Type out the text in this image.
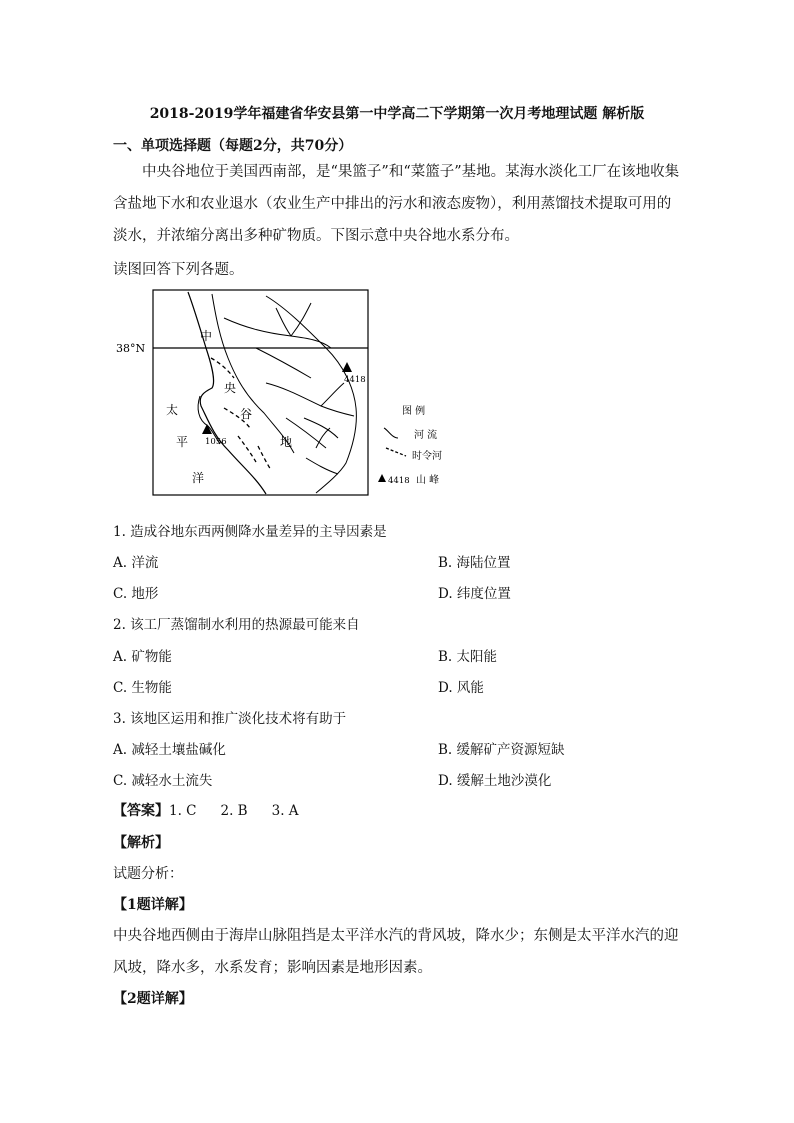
2018-2019学年福建省华安县第一中学高二下学期第一次月考地理试题 解析版
一、单项选择题（每题2分，共70分）
中央谷地位于美国西南部，是“果篮子”和“菜篮子”基地。某海水淡化工厂在该地收集含盐地下水和农业退水（农业生产中排出的污水和液态废物），利用蒸馏技术提取可用的淡水，并浓缩分离出多种矿物质。下图示意中央谷地水系分布。
读图回答下列各题。
38°N
中
央
谷
地
太
平
洋
4418
1056
图 例
河 流
时令河
4418 山 峰
1. 造成谷地东西两侧降水量差异的主导因素是
A. 洋流	B. 海陆位置
C. 地形	D. 纬度位置
2. 该工厂蒸馏制水利用的热源最可能来自
A. 矿物能	B. 太阳能
C. 生物能	D. 风能
3. 该地区运用和推广淡化技术将有助于
A. 减轻土壤盐碱化	B. 缓解矿产资源短缺
C. 减轻水土流失	D. 缓解土地沙漠化
【答案】1. C 2. B 3. A
【解析】
试题分析：
【1题详解】
中央谷地西侧由于海岸山脉阻挡是太平洋水汽的背风坡，降水少；东侧是太平洋水汽的迎风坡，降水多，水系发育；影响因素是地形因素。
【2题详解】
